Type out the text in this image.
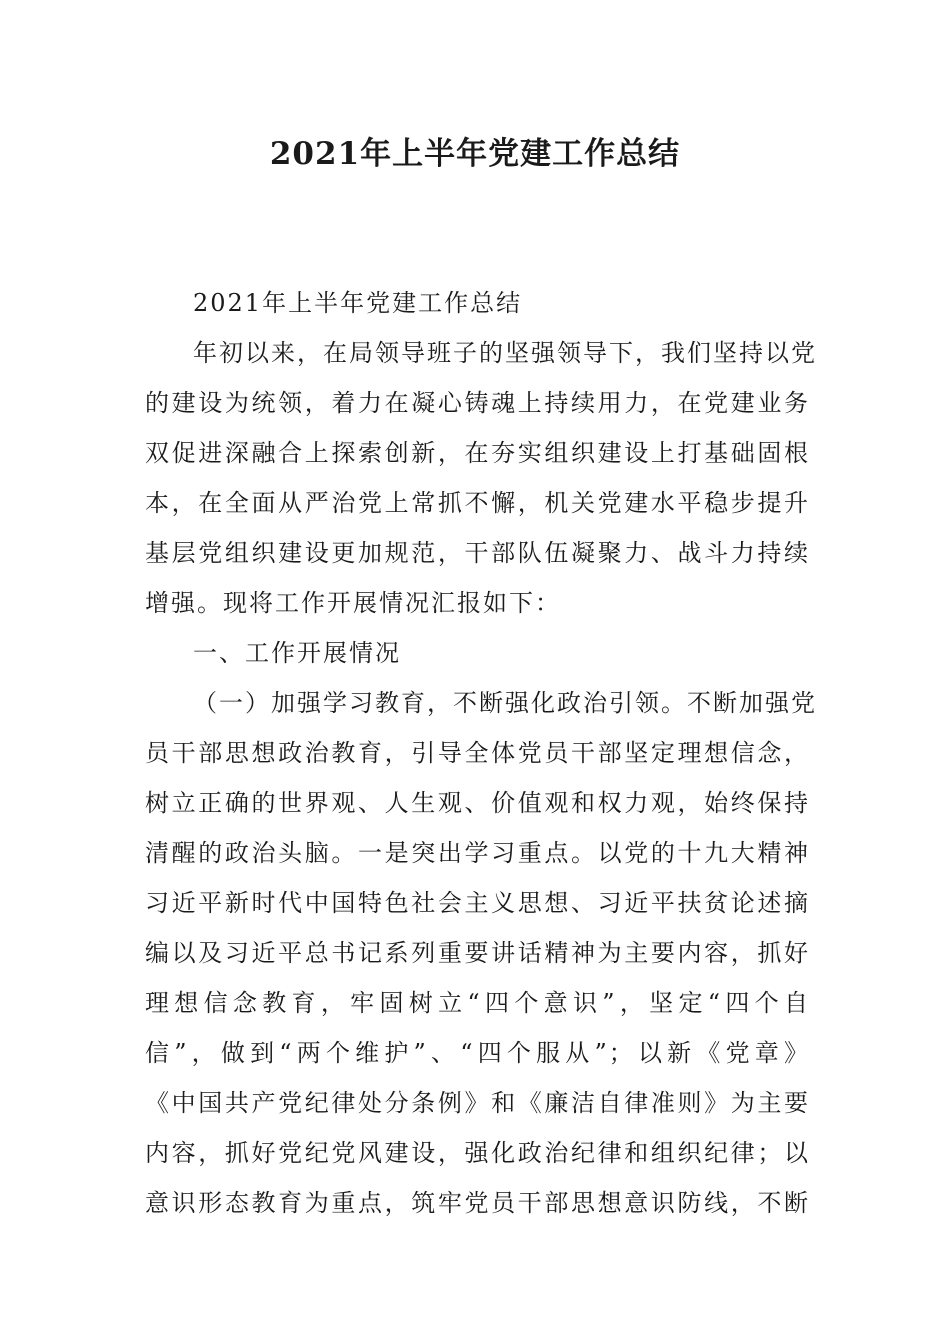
2021年上半年党建工作总结
2021年上半年党建工作总结
年初以来，在局领导班子的坚强领导下，我们坚持以党
的建设为统领，着力在凝心铸魂上持续用力，在党建业务
双促进深融合上探索创新，在夯实组织建设上打基础固根
本，在全面从严治党上常抓不懈，机关党建水平稳步提升
基层党组织建设更加规范，干部队伍凝聚力、战斗力持续
增强。现将工作开展情况汇报如下：
一、工作开展情况
（一）加强学习教育，不断强化政治引领。不断加强党
员干部思想政治教育，引导全体党员干部坚定理想信念，
树立正确的世界观、人生观、价值观和权力观，始终保持
清醒的政治头脑。一是突出学习重点。以党的十九大精神
习近平新时代中国特色社会主义思想、习近平扶贫论述摘
编以及习近平总书记系列重要讲话精神为主要内容，抓好
理想信念教育，牢固树立“四个意识”，坚定“四个自
信”，做到“两个维护”、“四个服从”；以新《党章》
《中国共产党纪律处分条例》和《廉洁自律准则》为主要
内容，抓好党纪党风建设，强化政治纪律和组织纪律；以
意识形态教育为重点，筑牢党员干部思想意识防线，不断
